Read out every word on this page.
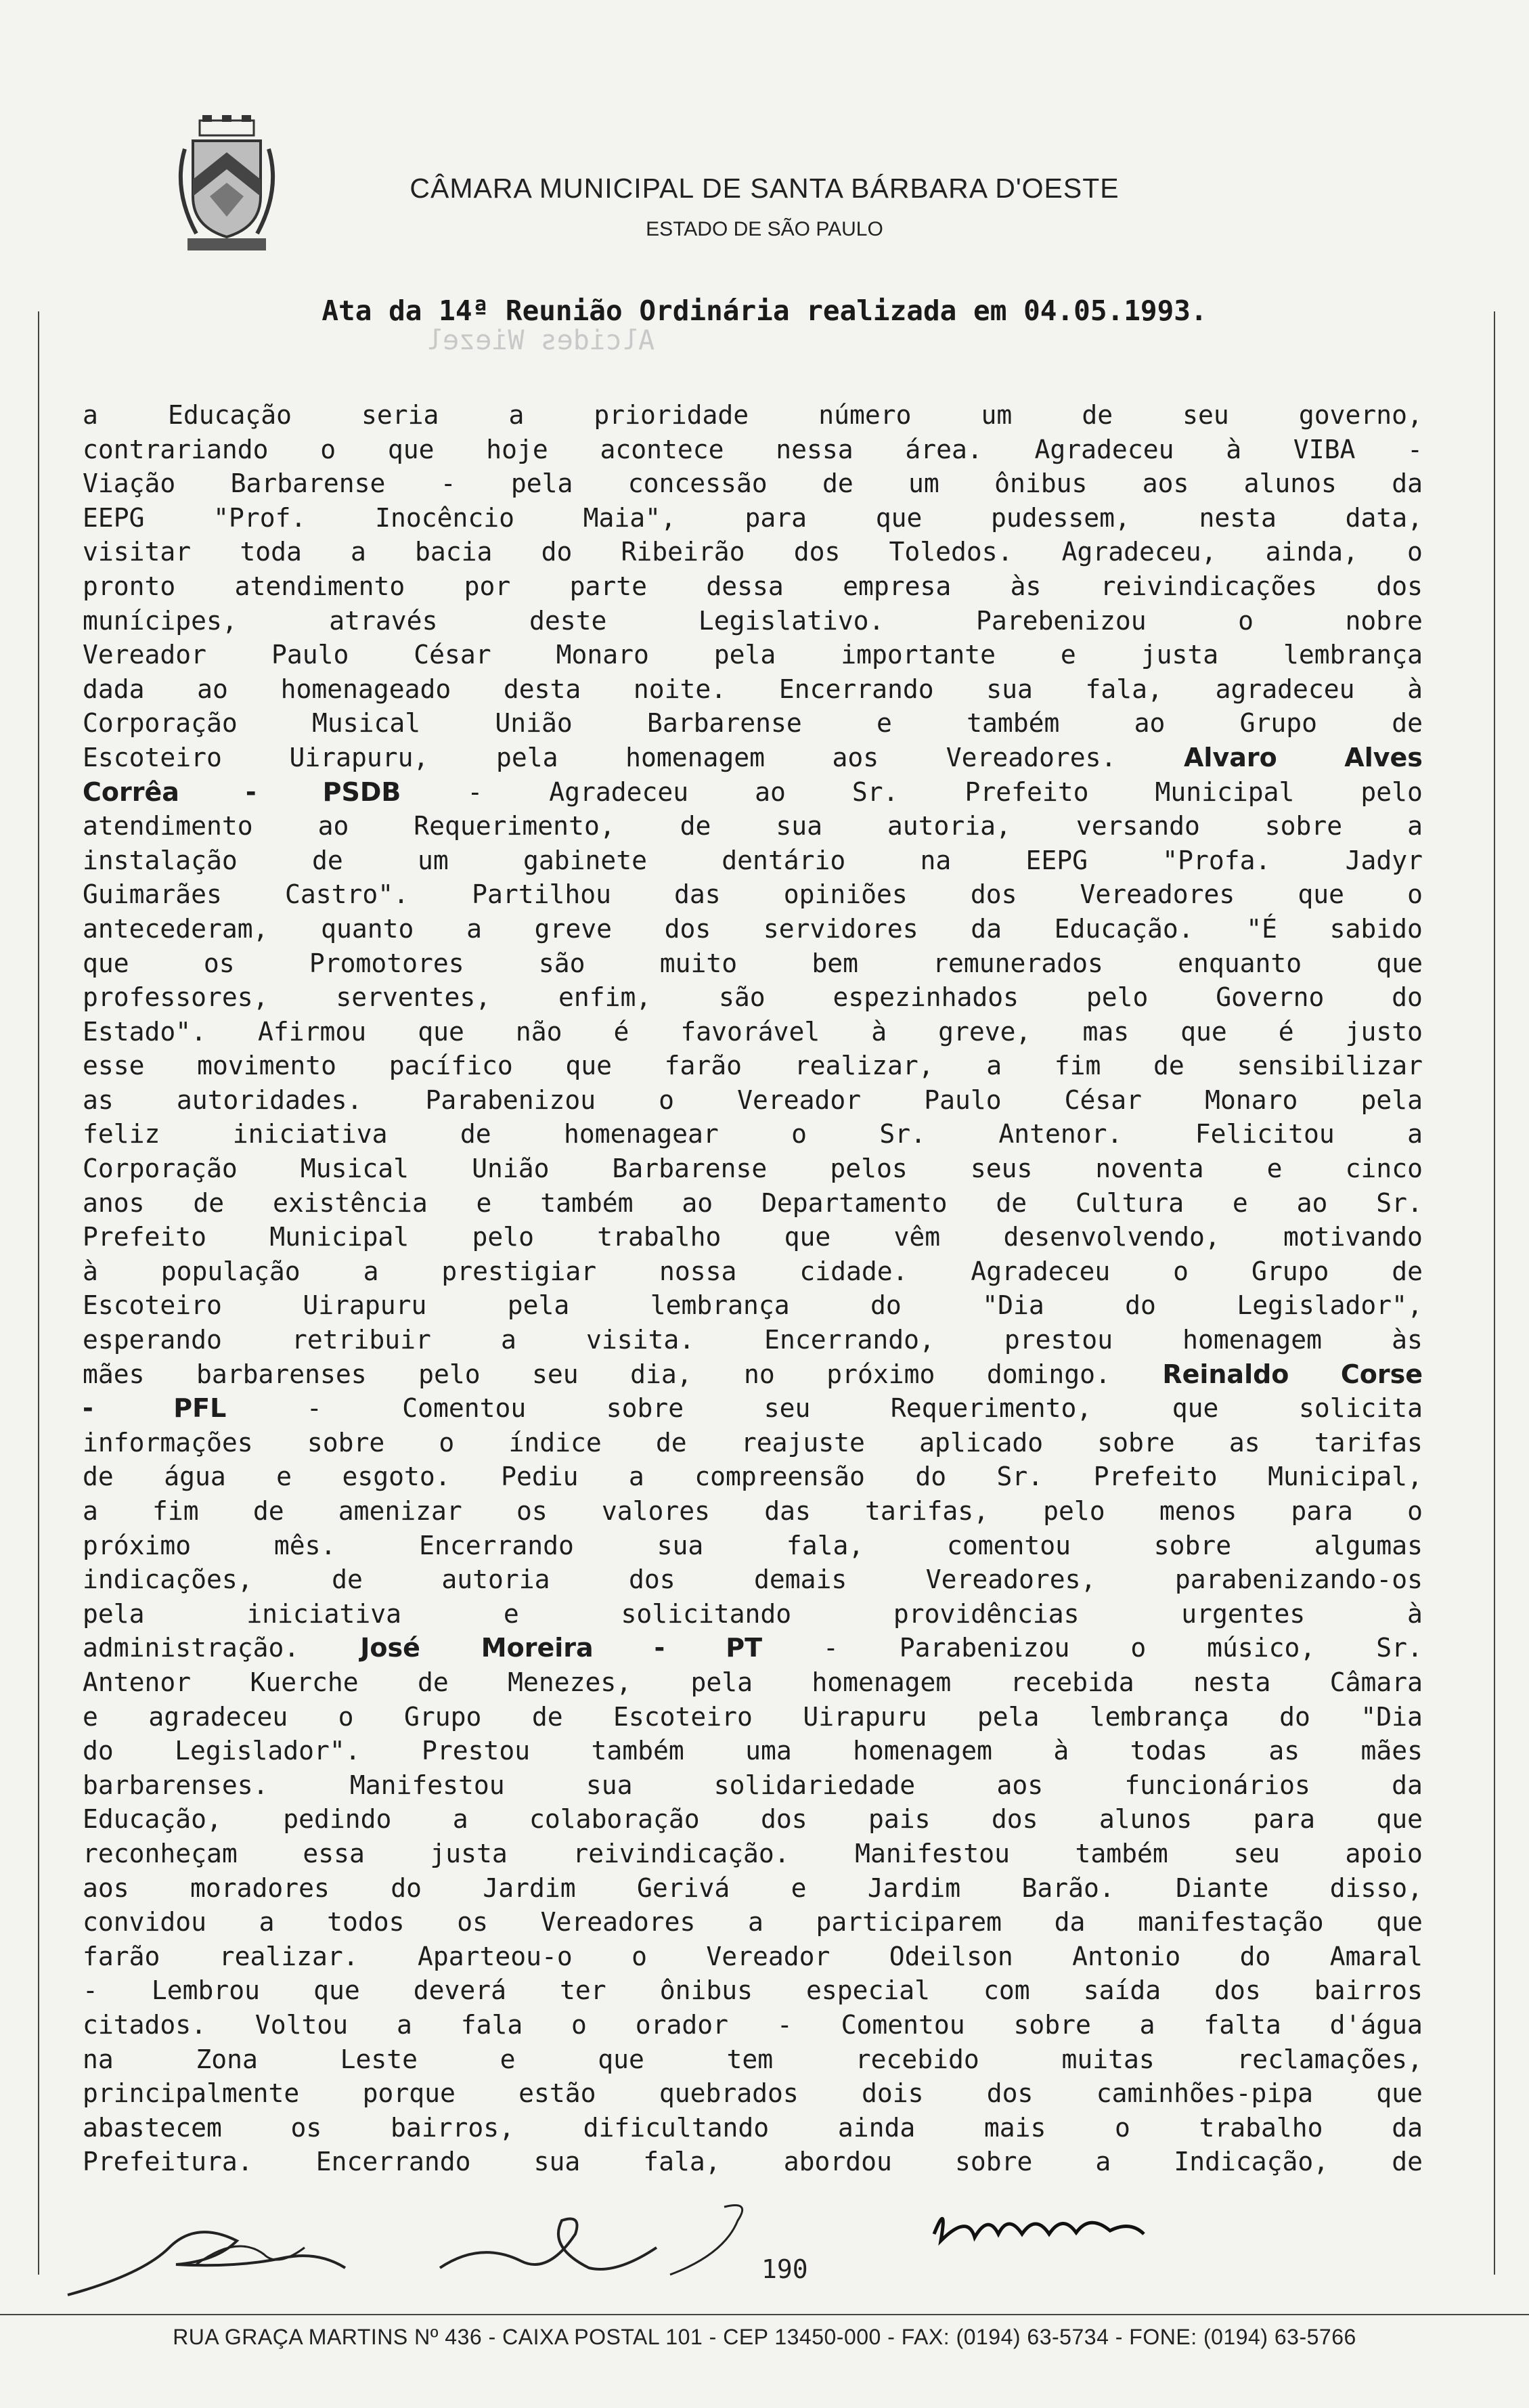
CÂMARA MUNICIPAL DE SANTA BÁRBARA D'OESTE
ESTADO DE SÃO PAULO
Ata da 14ª Reunião Ordinária realizada em 04.05.1993.
Alcides Wiezel
a	Educação	seria	a	prioridade	número	um	de	seu	governo,
contrariando o que hoje acontece nessa área. Agradeceu à VIBA -
Viação Barbarense - pela concessão de um ônibus aos alunos da
EEPG	"Prof.	Inocêncio	Maia",	para	que	pudessem,	nesta	data,
visitar toda a bacia do Ribeirão dos Toledos. Agradeceu, ainda, o
pronto atendimento por parte dessa empresa às reivindicações dos
munícipes,	através	deste	Legislativo.	Parebenizou	o	nobre
Vereador	Paulo	César	Monaro	pela	importante	e	justa	lembrança
dada ao homenageado desta noite. Encerrando sua fala, agradeceu à
Corporação	Musical	União	Barbarense	e	também	ao	Grupo	de
Escoteiro	Uirapuru,	pela	homenagem	aos	Vereadores.	Alvaro	Alves
Corrêa	-	PSDB	-	Agradeceu	ao	Sr.	Prefeito	Municipal	pelo
atendimento	ao	Requerimento,	de	sua	autoria,	versando	sobre	a
instalação	de	um	gabinete	dentário	na	EEPG	"Profa.	Jadyr
Guimarães Castro". Partilhou das opiniões dos Vereadores que o
antecederam, quanto a greve dos servidores da Educação. "É sabido
que	os	Promotores	são	muito	bem	remunerados	enquanto	que
professores,	serventes,	enfim,	são	espezinhados	pelo	Governo	do
Estado". Afirmou que não é favorável à greve, mas que é justo
esse movimento pacífico que farão realizar, a fim de sensibilizar
as autoridades. Parabenizou o Vereador Paulo César Monaro pela
feliz	iniciativa	de	homenagear	o	Sr.	Antenor.	Felicitou	a
Corporação Musical União Barbarense pelos seus noventa e cinco
anos de existência e também ao Departamento de Cultura e ao Sr.
Prefeito Municipal pelo trabalho que vêm desenvolvendo, motivando
à população a prestigiar nossa cidade. Agradeceu o Grupo de
Escoteiro	Uirapuru	pela	lembrança	do	"Dia	do	Legislador",
esperando	retribuir	a	visita.	Encerrando,	prestou	homenagem	às
mães barbarenses pelo seu dia, no próximo domingo. Reinaldo Corse
-	PFL	-	Comentou	sobre	seu	Requerimento,	que	solicita
informações sobre o índice de reajuste aplicado sobre as tarifas
de água e esgoto. Pediu a compreensão do Sr. Prefeito Municipal,
a fim de amenizar os valores das tarifas, pelo menos para o
próximo	mês.	Encerrando	sua	fala,	comentou	sobre	algumas
indicações,	de	autoria	dos	demais	Vereadores,	parabenizando-os
pela	iniciativa	e	solicitando	providências	urgentes	à
administração. José Moreira - PT - Parabenizou o músico, Sr.
Antenor Kuerche de Menezes, pela homenagem recebida nesta Câmara
e agradeceu o Grupo de Escoteiro Uirapuru pela lembrança do "Dia
do Legislador". Prestou também uma homenagem à todas as mães
barbarenses.	Manifestou	sua	solidariedade	aos	funcionários	da
Educação, pedindo a colaboração dos pais dos alunos para que
reconheçam	essa	justa	reivindicação.	Manifestou	também	seu	apoio
aos moradores do Jardim Gerivá e Jardim Barão. Diante disso,
convidou a todos os Vereadores a participarem da manifestação que
farão realizar. Aparteou-o o Vereador Odeilson Antonio do Amaral
- Lembrou que deverá ter ônibus especial com saída dos bairros
citados. Voltou a fala o orador - Comentou sobre a falta d'água
na	Zona	Leste	e	que	tem	recebido	muitas	reclamações,
principalmente porque estão quebrados dois dos caminhões-pipa que
abastecem	os	bairros,	dificultando	ainda	mais	o	trabalho	da
Prefeitura. Encerrando sua fala, abordou sobre a Indicação, de
190
RUA GRAÇA MARTINS Nº 436 - CAIXA POSTAL 101 - CEP 13450-000 - FAX: (0194) 63-5734 - FONE: (0194) 63-5766
